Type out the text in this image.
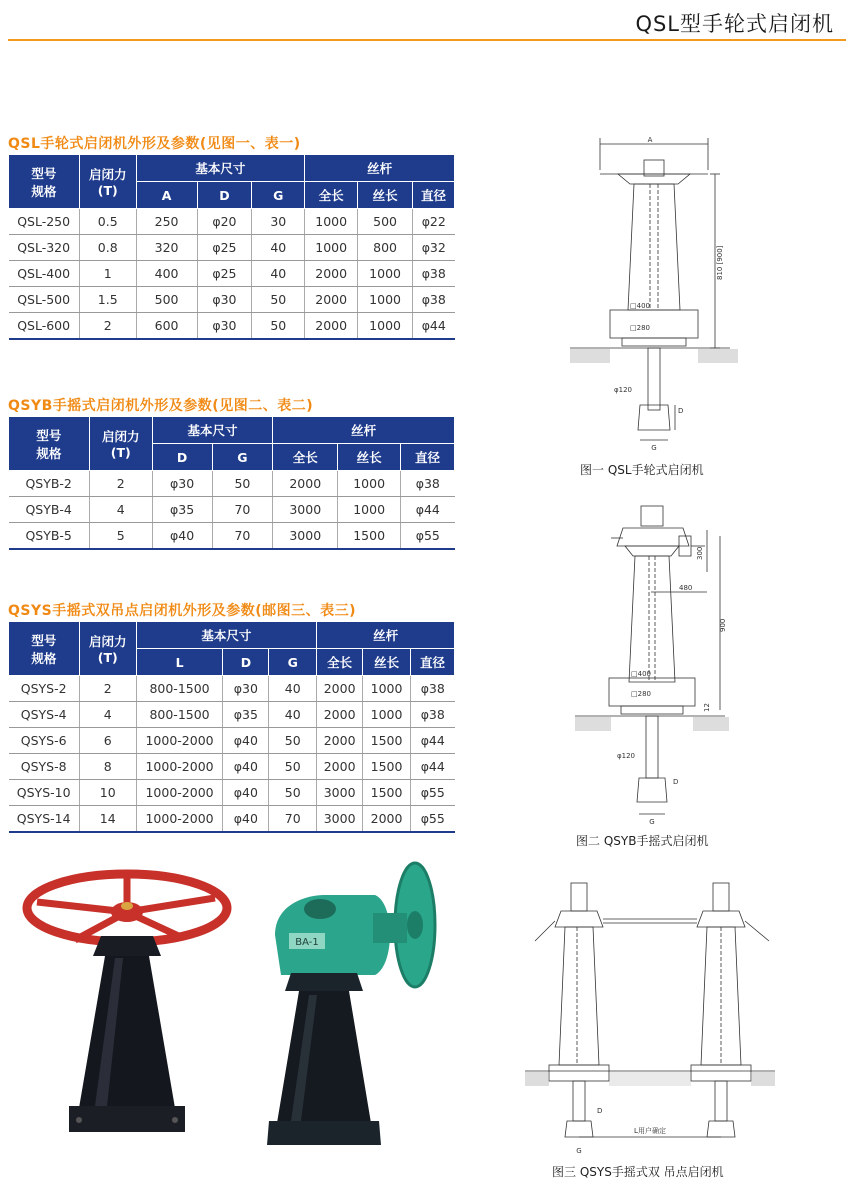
QSL型手轮式启闭机
QSL手轮式启闭机外形及参数(见图一、表一)
型号
规格	启闭力
(T)	基本尺寸			丝杆		
		A	D	G	全长	丝长	直径
QSL-250	0.5	250	φ20	30	1000	500	φ22
QSL-320	0.8	320	φ25	40	1000	800	φ32
QSL-400	1	400	φ25	40	2000	1000	φ38
QSL-500	1.5	500	φ30	50	2000	1000	φ38
QSL-600	2	600	φ30	50	2000	1000	φ44
QSYB手摇式启闭机外形及参数(见图二、表二)
型号
规格	启闭力
(T)	基本尺寸		丝杆		
		D	G	全长	丝长	直径
QSYB-2	2	φ30	50	2000	1000	φ38
QSYB-4	4	φ35	70	3000	1000	φ44
QSYB-5	5	φ40	70	3000	1500	φ55
QSYS手摇式双吊点启闭机外形及参数(邮图三、表三)
型号
规格	启闭力
(T)	基本尺寸			丝杆		
		L	D	G	全长	丝长	直径
QSYS-2	2	800-1500	φ30	40	2000	1000	φ38
QSYS-4	4	800-1500	φ35	40	2000	1000	φ38
QSYS-6	6	1000-2000	φ40	50	2000	1500	φ44
QSYS-8	8	1000-2000	φ40	50	2000	1500	φ44
QSYS-10	10	1000-2000	φ40	50	3000	1500	φ55
QSYS-14	14	1000-2000	φ40	70	3000	2000	φ55
A
810 [900]
□400
□280
φ120
D
G
图一 QSL手轮式启闭机
300
480
900
□400
□280
12
φ120
D
G
图二 QSYB手摇式启闭机
L用户确定
D
G
图三 QSYS手摇式双 吊点启闭机
BA-1
